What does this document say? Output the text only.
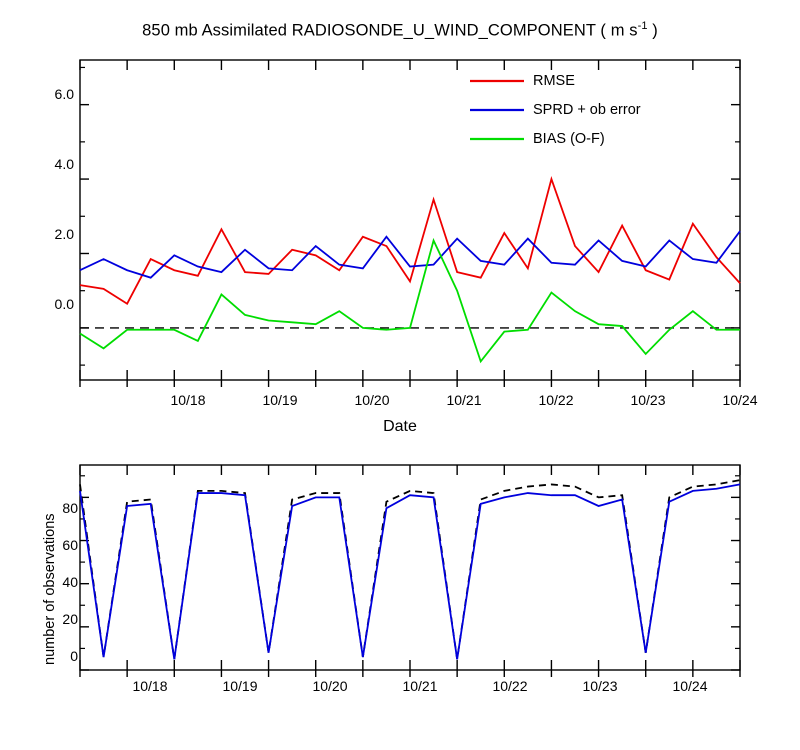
850 mb Assimilated RADIOSONDE_U_WIND_COMPONENT ( m $s^{-1}$ )
6.0
4.0
2.0
0.0
10/18	10/19	10/20	10/21	10/22	10/23	10/24
Date
RMSE
SPRD + ob error
BIAS (O-F)
number of observations
80
60
40
20
0
10/18	10/19	10/20	10/21	10/22	10/23	10/24
